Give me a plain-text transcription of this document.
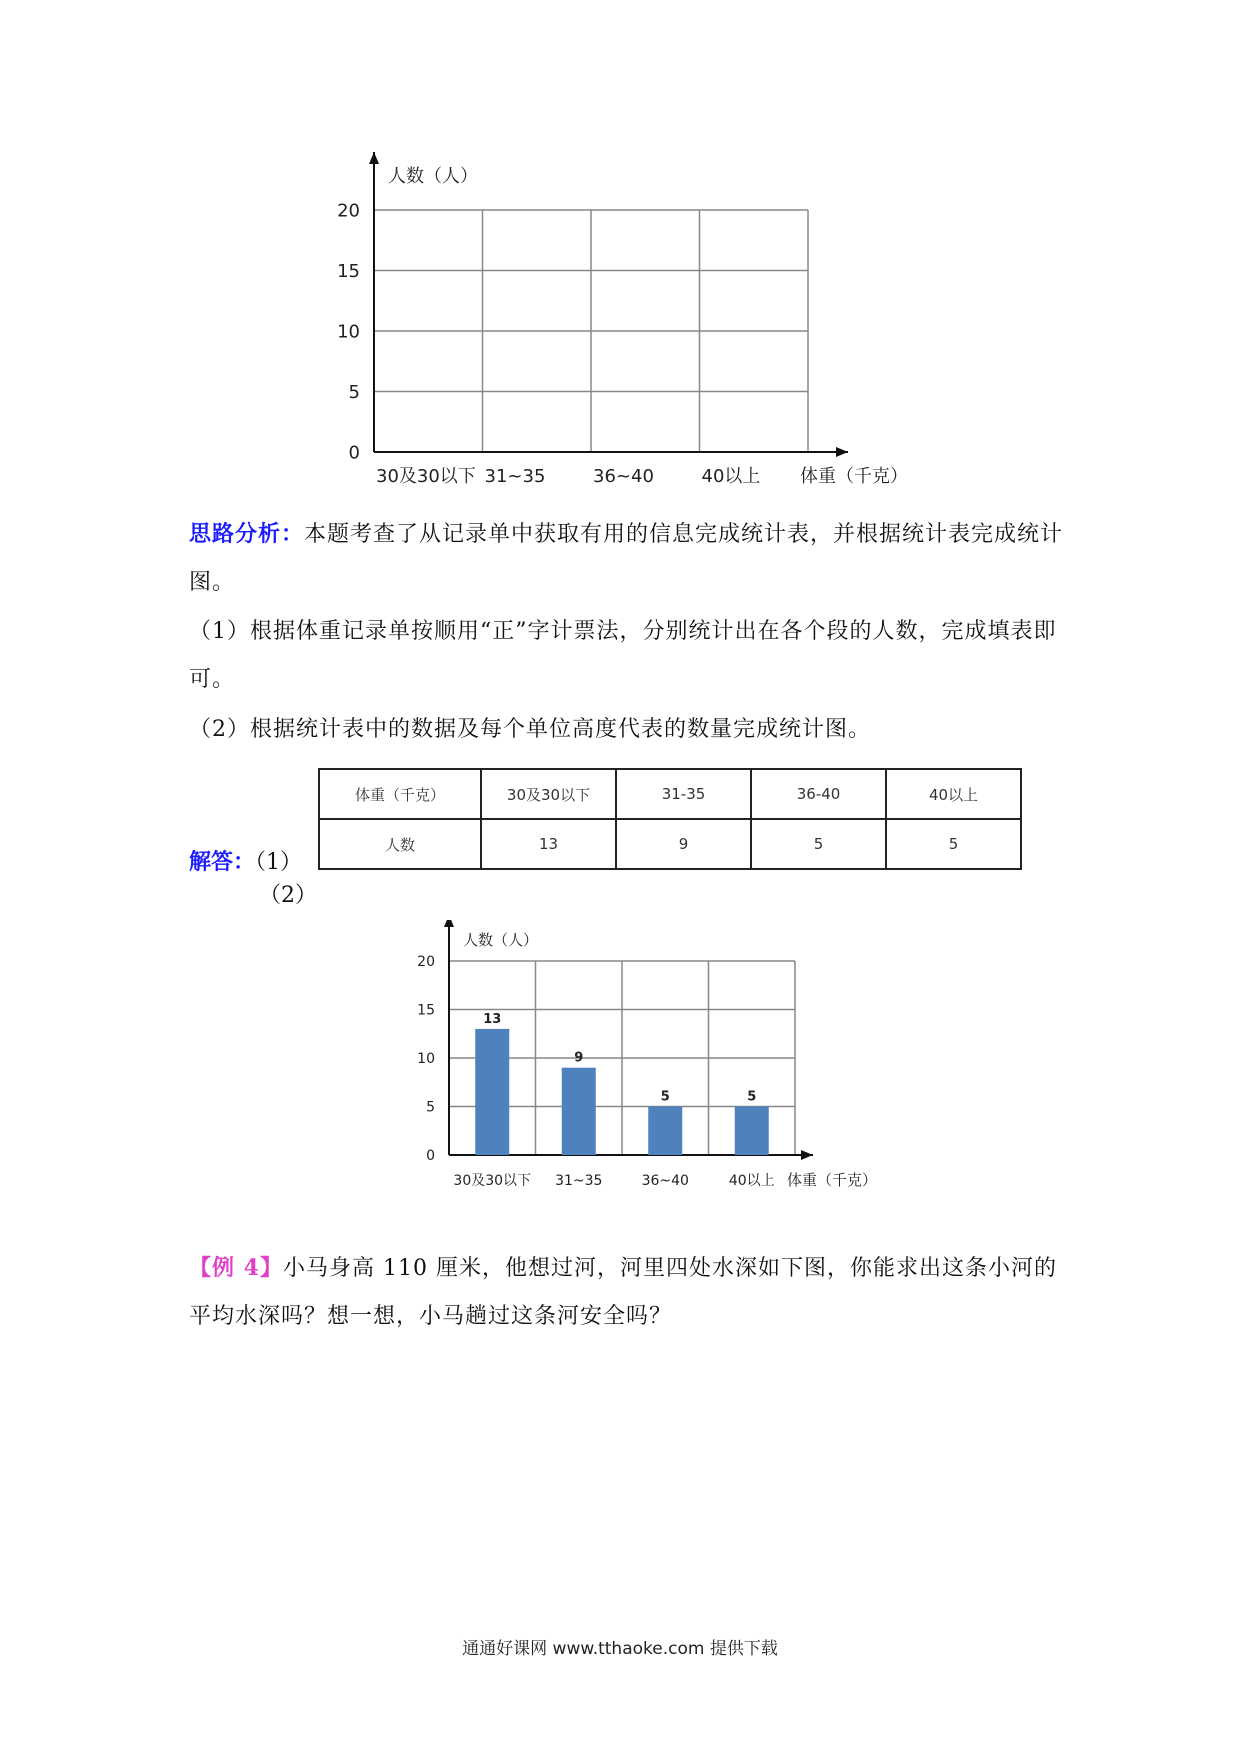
0
5
10
15
20
30及30以下 31~35	36~40	40以上
人数（人）
体重（千克）
思路分析：本题考查了从记录单中获取有用的信息完成统计表，并根据统计表完成统计图。
（1）根据体重记录单按顺用“正”字计票法，分别统计出在各个段的人数，完成填表即可。
（2）根据统计表中的数据及每个单位高度代表的数量完成统计图。
解答：（1）
（2）
体重（千克）	30及30以下	31-35	36-40	40以上
人数	13	9	5	5
0
5
10
15
20
30及30以下 31~35	36~40	40以上
13
9
5	5
人数（人）
体重（千克）
【例 4】小马身高 110 厘米，他想过河，河里四处水深如下图，你能求出这条小河的平均水深吗？想一想，小马趟过这条河安全吗？
通通好课网 www.tthaoke.com 提供下载
